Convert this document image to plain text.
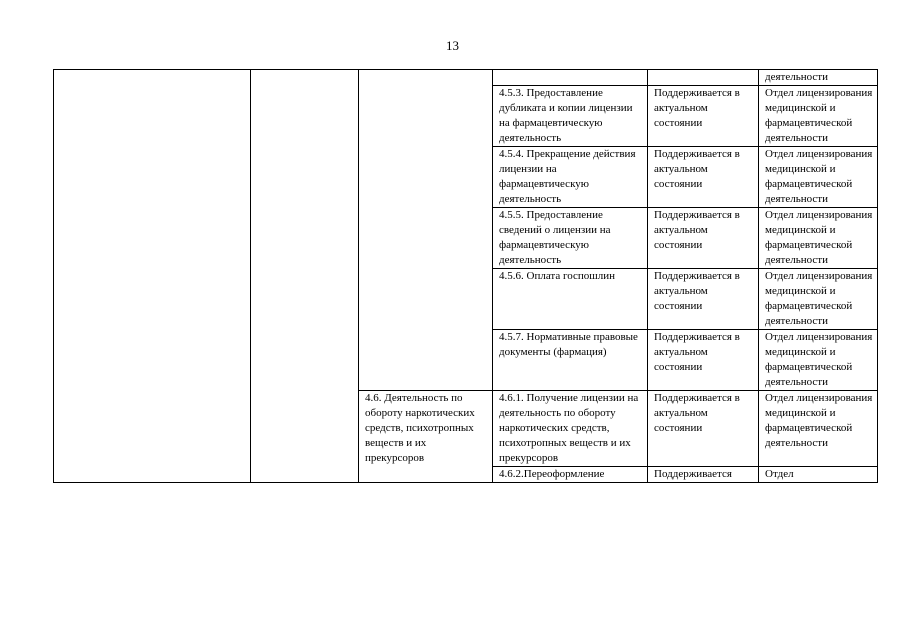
13
					деятельности
			4.5.3. Предоставление дубликата и копии лицензии на фармацевтическую деятельность	Поддерживается в актуальном состоянии	Отдел лицензирования медицинской и фармацевтической деятельности
			4.5.4. Прекращение действия лицензии на фармацевтическую деятельность	Поддерживается в актуальном состоянии	Отдел лицензирования медицинской и фармацевтической деятельности
			4.5.5. Предоставление сведений о лицензии на фармацевтическую деятельность	Поддерживается в актуальном состоянии	Отдел лицензирования медицинской и фармацевтической деятельности
			4.5.6. Оплата госпошлин	Поддерживается в актуальном состоянии	Отдел лицензирования медицинской и фармацевтической деятельности
			4.5.7. Нормативные правовые документы (фармация)	Поддерживается в актуальном состоянии	Отдел лицензирования медицинской и фармацевтической деятельности
		4.6. Деятельность по обороту наркотических средств, психотропных веществ и их прекурсоров	4.6.1. Получение лицензии на деятельность по обороту наркотических средств, психотропных веществ и их прекурсоров	Поддерживается в актуальном состоянии	Отдел лицензирования медицинской и фармацевтической деятельности
			4.6.2.Переоформление	Поддерживается	Отдел
